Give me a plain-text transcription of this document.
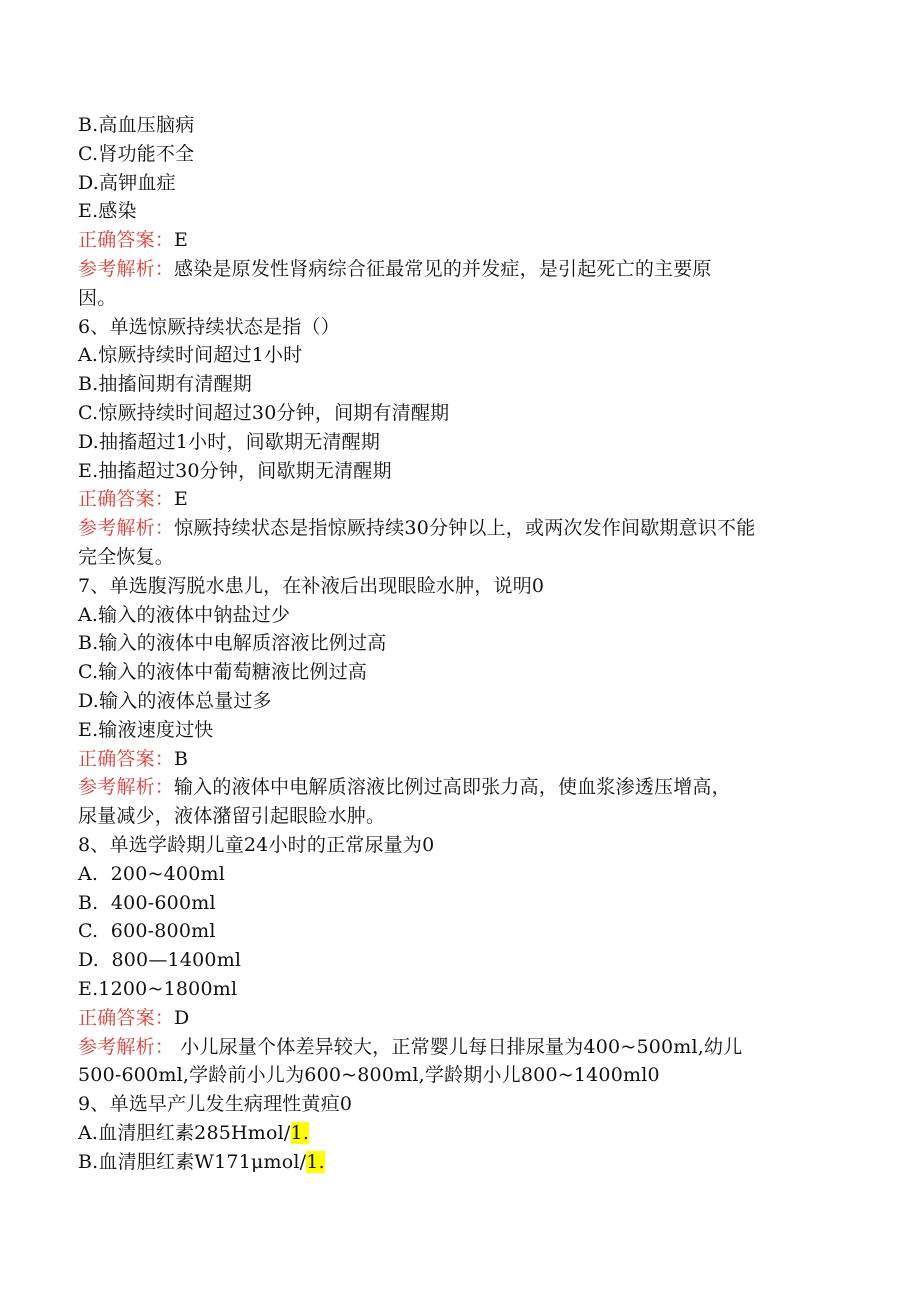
B.高血压脑病
C.肾功能不全
D.高钾血症
E.感染
正确答案：E
参考解析：感染是原发性肾病综合征最常见的并发症，是引起死亡的主要原
因。
6、单选惊厥持续状态是指（）
A.惊厥持续时间超过1小时
B.抽搐间期有清醒期
C.惊厥持续时间超过30分钟，间期有清醒期
D.抽搐超过1小时，间歇期无清醒期
E.抽搐超过30分钟，间歇期无清醒期
正确答案：E
参考解析：惊厥持续状态是指惊厥持续30分钟以上，或两次发作间歇期意识不能
完全恢复。
7、单选腹泻脱水患儿，在补液后出现眼睑水肿，说明0
A.输入的液体中钠盐过少
B.输入的液体中电解质溶液比例过高
C.输入的液体中葡萄糖液比例过高
D.输入的液体总量过多
E.输液速度过快
正确答案：B
参考解析：输入的液体中电解质溶液比例过高即张力高，使血浆渗透压增高，
尿量减少，液体潴留引起眼睑水肿。
8、单选学龄期儿童24小时的正常尿量为0
A.  200~400ml
B.  400-600ml
C.  600-800ml
D.  800—1400ml
E.1200~1800ml
正确答案：D
参考解析： 小儿尿量个体差异较大，正常婴儿每日排尿量为400~500ml,幼儿
500-600ml,学龄前小儿为600~800ml,学龄期小儿800~1400ml0
9、单选早产儿发生病理性黄疸0
A.血清胆红素285Hmol/1.
B.血清胆红素W171μmol/1.
